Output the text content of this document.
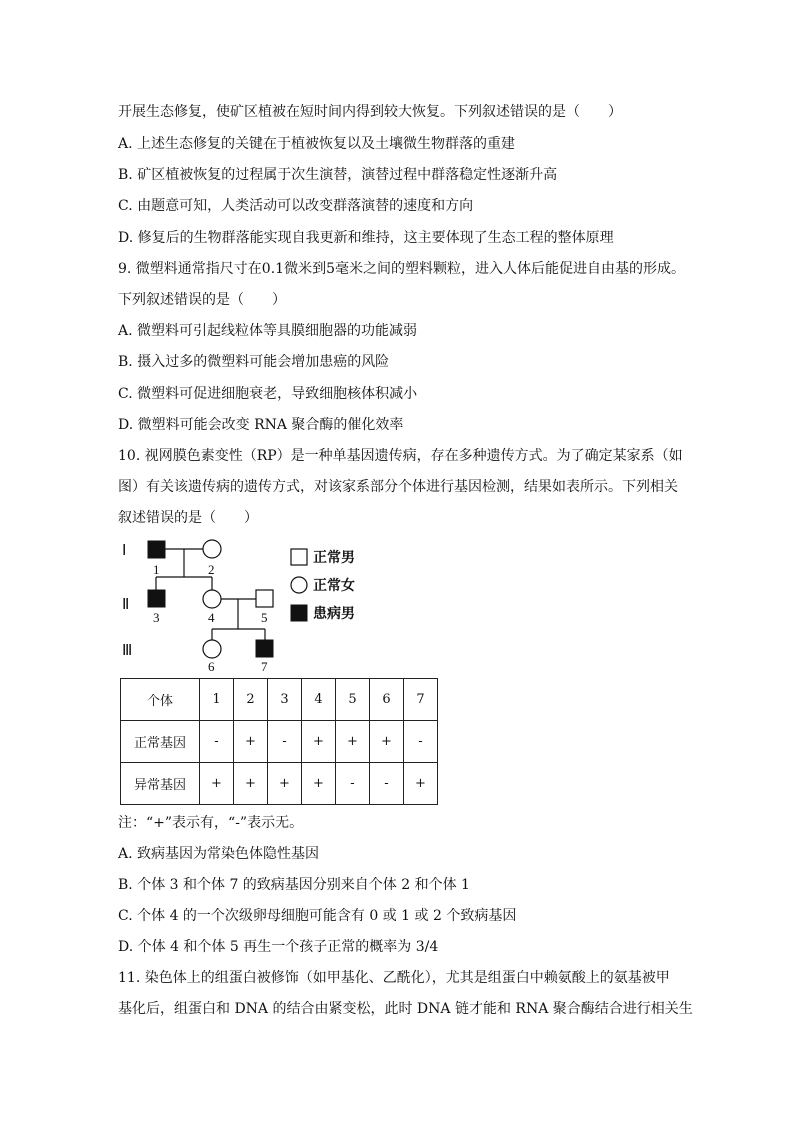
开展生态修复，使矿区植被在短时间内得到较大恢复。下列叙述错误的是（　　）
A. 上述生态修复的关键在于植被恢复以及土壤微生物群落的重建
B. 矿区植被恢复的过程属于次生演替，演替过程中群落稳定性逐渐升高
C. 由题意可知，人类活动可以改变群落演替的速度和方向
D. 修复后的生物群落能实现自我更新和维持，这主要体现了生态工程的整体原理
9. 微塑料通常指尺寸在0.1微米到5毫米之间的塑料颗粒，进入人体后能促进自由基的形成。
下列叙述错误的是（　　）
A. 微塑料可引起线粒体等具膜细胞器的功能减弱
B. 摄入过多的微塑料可能会增加患癌的风险
C. 微塑料可促进细胞衰老，导致细胞核体积减小
D. 微塑料可能会改变 RNA 聚合酶的催化效率
10. 视网膜色素变性（RP）是一种单基因遗传病，存在多种遗传方式。为了确定某家系（如
图）有关该遗传病的遗传方式，对该家系部分个体进行基因检测，结果如表所示。下列相关
叙述错误的是（　　）
Ⅰ
Ⅱ
Ⅲ
1	2
3	4	5
6	7
正常男
正常女
患病男
个体	1	2	3	4	5	6	7
正常基因	-	+	-	+	+	+	-
异常基因	+	+	+	+	-	-	+
注：“+”表示有，“-”表示无。
A. 致病基因为常染色体隐性基因
B. 个体 3 和个体 7 的致病基因分别来自个体 2 和个体 1
C. 个体 4 的一个次级卵母细胞可能含有 0 或 1 或 2 个致病基因
D. 个体 4 和个体 5 再生一个孩子正常的概率为 3/4
11. 染色体上的组蛋白被修饰（如甲基化、乙酰化），尤其是组蛋白中赖氨酸上的氨基被甲
基化后，组蛋白和 DNA 的结合由紧变松，此时 DNA 链才能和 RNA 聚合酶结合进行相关生
